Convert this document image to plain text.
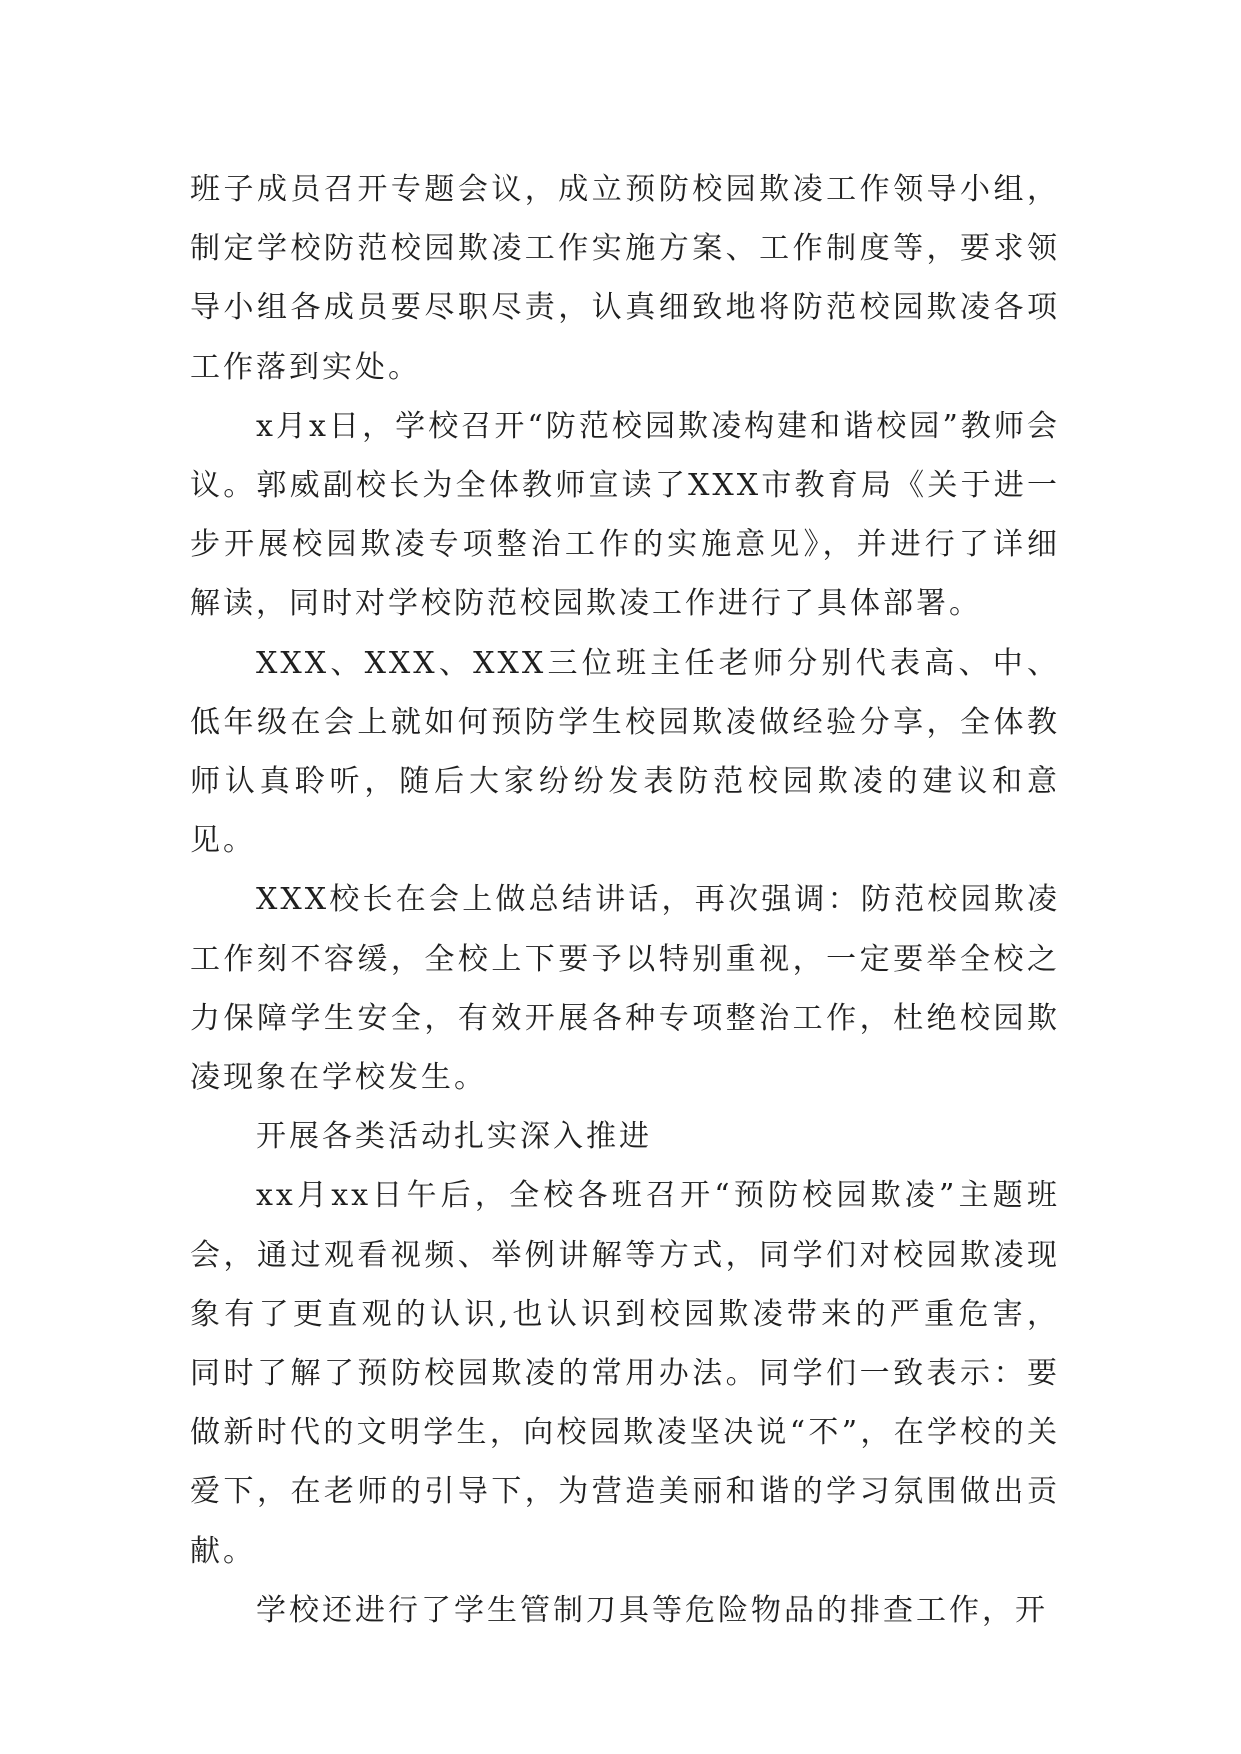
班子成员召开专题会议，成立预防校园欺凌工作领导小组，制定学校防范校园欺凌工作实施方案、工作制度等，要求领导小组各成员要尽职尽责，认真细致地将防范校园欺凌各项工作落到实处。

x月x日，学校召开“防范校园欺凌构建和谐校园”教师会议。郭威副校长为全体教师宣读了XXX市教育局《关于进一步开展校园欺凌专项整治工作的实施意见》，并进行了详细解读，同时对学校防范校园欺凌工作进行了具体部署。

XXX、XXX、XXX三位班主任老师分别代表高、中、低年级在会上就如何预防学生校园欺凌做经验分享，全体教师认真聆听，随后大家纷纷发表防范校园欺凌的建议和意见。

XXX校长在会上做总结讲话，再次强调：防范校园欺凌工作刻不容缓，全校上下要予以特别重视，一定要举全校之力保障学生安全，有效开展各种专项整治工作，杜绝校园欺凌现象在学校发生。

开展各类活动扎实深入推进

xx月xx日午后，全校各班召开“预防校园欺凌”主题班会，通过观看视频、举例讲解等方式，同学们对校园欺凌现象有了更直观的认识,也认识到校园欺凌带来的严重危害，同时了解了预防校园欺凌的常用办法。同学们一致表示：要做新时代的文明学生，向校园欺凌坚决说“不”，在学校的关爱下，在老师的引导下，为营造美丽和谐的学习氛围做出贡献。

学校还进行了学生管制刀具等危险物品的排查工作，开
